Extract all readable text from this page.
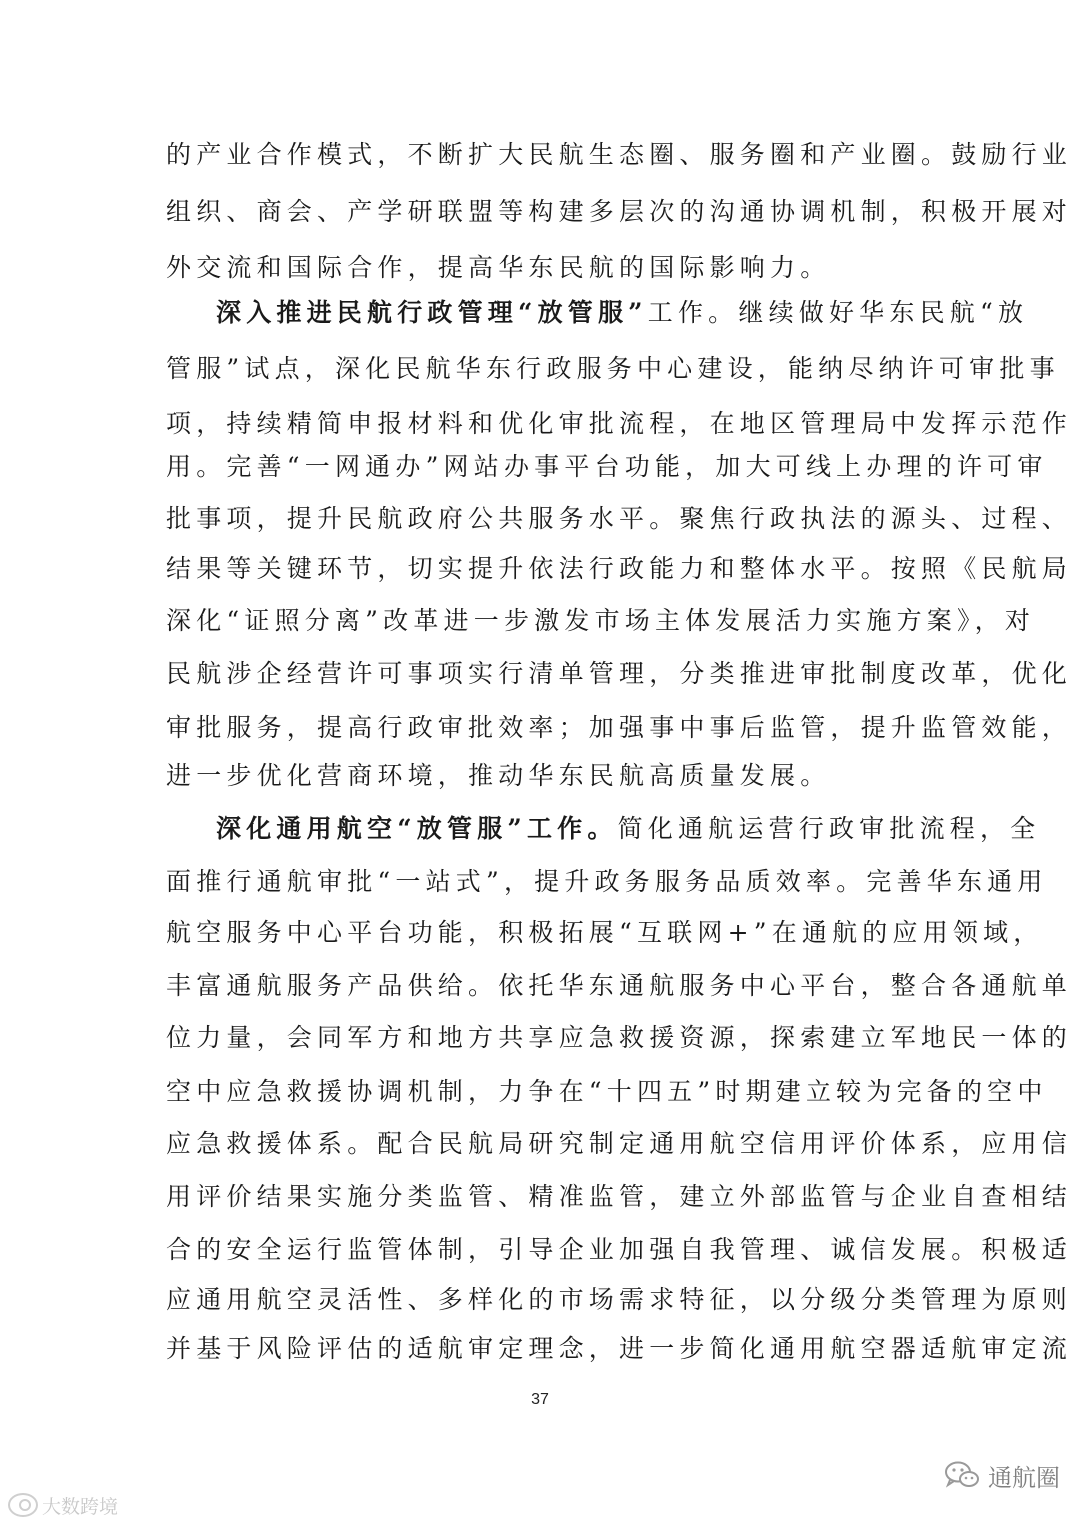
的产业合作模式，不断扩大民航生态圈、服务圈和产业圈。鼓励行业
组织、商会、产学研联盟等构建多层次的沟通协调机制，积极开展对
外交流和国际合作，提高华东民航的国际影响力。
深入推进民航行政管理“放管服”工作。继续做好华东民航“放
管服”试点，深化民航华东行政服务中心建设，能纳尽纳许可审批事
项，持续精简申报材料和优化审批流程，在地区管理局中发挥示范作
用。完善“一网通办”网站办事平台功能，加大可线上办理的许可审
批事项，提升民航政府公共服务水平。聚焦行政执法的源头、过程、
结果等关键环节，切实提升依法行政能力和整体水平。按照《民航局
深化“证照分离”改革进一步激发市场主体发展活力实施方案》，对
民航涉企经营许可事项实行清单管理，分类推进审批制度改革，优化
审批服务，提高行政审批效率；加强事中事后监管，提升监管效能，
进一步优化营商环境，推动华东民航高质量发展。
深化通用航空“放管服”工作。简化通航运营行政审批流程，全
面推行通航审批“一站式”，提升政务服务品质效率。完善华东通用
航空服务中心平台功能，积极拓展“互联网+”在通航的应用领域，
丰富通航服务产品供给。依托华东通航服务中心平台，整合各通航单
位力量，会同军方和地方共享应急救援资源，探索建立军地民一体的
空中应急救援协调机制，力争在“十四五”时期建立较为完备的空中
应急救援体系。配合民航局研究制定通用航空信用评价体系，应用信
用评价结果实施分类监管、精准监管，建立外部监管与企业自查相结
合的安全运行监管体制，引导企业加强自我管理、诚信发展。积极适
应通用航空灵活性、多样化的市场需求特征，以分级分类管理为原则
并基于风险评估的适航审定理念，进一步简化通用航空器适航审定流
37
大数跨境
通航圈
